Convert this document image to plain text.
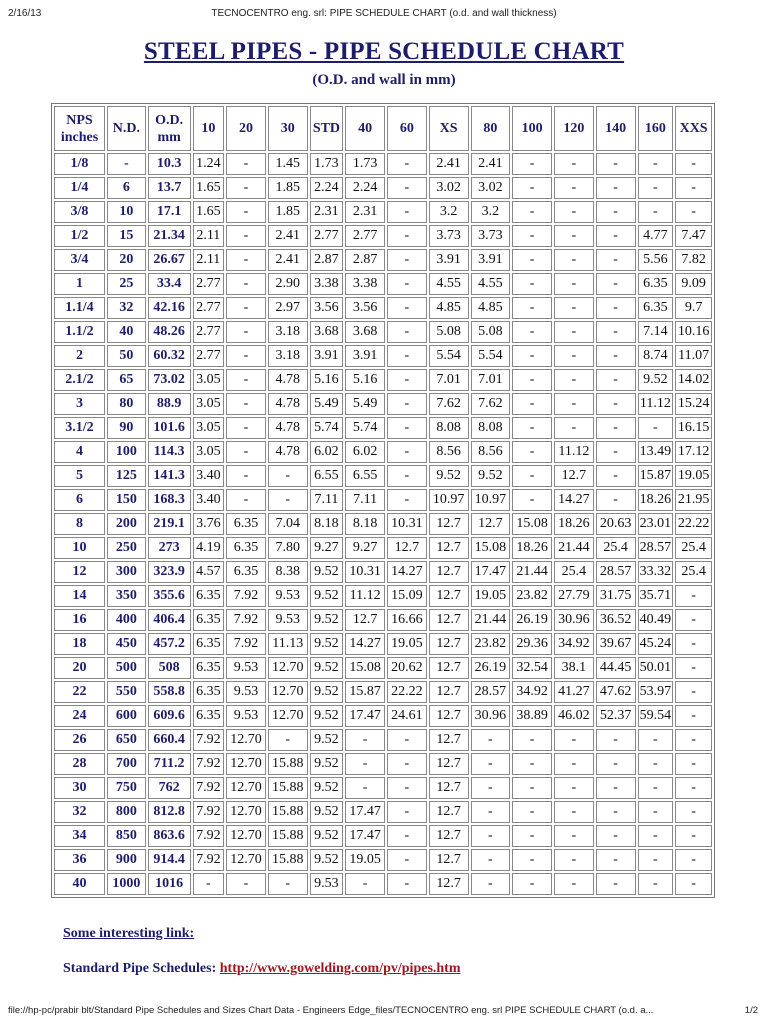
2/16/13	TECNOCENTRO eng. srl: PIPE SCHEDULE CHART (o.d. and wall thickness)
STEEL PIPES - PIPE SCHEDULE CHART
(O.D. and wall in mm)
NPS
inches	N.D.	O.D.
mm	10	20	30	STD	40	60	XS	80	100	120	140	160	XXS
1/8	-	10.3	1.24	-	1.45	1.73	1.73	-	2.41	2.41	-	-	-	-	-
1/4	6	13.7	1.65	-	1.85	2.24	2.24	-	3.02	3.02	-	-	-	-	-
3/8	10	17.1	1.65	-	1.85	2.31	2.31	-	3.2	3.2	-	-	-	-	-
1/2	15	21.34	2.11	-	2.41	2.77	2.77	-	3.73	3.73	-	-	-	4.77	7.47
3/4	20	26.67	2.11	-	2.41	2.87	2.87	-	3.91	3.91	-	-	-	5.56	7.82
1	25	33.4	2.77	-	2.90	3.38	3.38	-	4.55	4.55	-	-	-	6.35	9.09
1.1/4	32	42.16	2.77	-	2.97	3.56	3.56	-	4.85	4.85	-	-	-	6.35	9.7
1.1/2	40	48.26	2.77	-	3.18	3.68	3.68	-	5.08	5.08	-	-	-	7.14	10.16
2	50	60.32	2.77	-	3.18	3.91	3.91	-	5.54	5.54	-	-	-	8.74	11.07
2.1/2	65	73.02	3.05	-	4.78	5.16	5.16	-	7.01	7.01	-	-	-	9.52	14.02
3	80	88.9	3.05	-	4.78	5.49	5.49	-	7.62	7.62	-	-	-	11.12	15.24
3.1/2	90	101.6	3.05	-	4.78	5.74	5.74	-	8.08	8.08	-	-	-	-	16.15
4	100	114.3	3.05	-	4.78	6.02	6.02	-	8.56	8.56	-	11.12	-	13.49	17.12
5	125	141.3	3.40	-	-	6.55	6.55	-	9.52	9.52	-	12.7	-	15.87	19.05
6	150	168.3	3.40	-	-	7.11	7.11	-	10.97	10.97	-	14.27	-	18.26	21.95
8	200	219.1	3.76	6.35	7.04	8.18	8.18	10.31	12.7	12.7	15.08	18.26	20.63	23.01	22.22
10	250	273	4.19	6.35	7.80	9.27	9.27	12.7	12.7	15.08	18.26	21.44	25.4	28.57	25.4
12	300	323.9	4.57	6.35	8.38	9.52	10.31	14.27	12.7	17.47	21.44	25.4	28.57	33.32	25.4
14	350	355.6	6.35	7.92	9.53	9.52	11.12	15.09	12.7	19.05	23.82	27.79	31.75	35.71	-
16	400	406.4	6.35	7.92	9.53	9.52	12.7	16.66	12.7	21.44	26.19	30.96	36.52	40.49	-
18	450	457.2	6.35	7.92	11.13	9.52	14.27	19.05	12.7	23.82	29.36	34.92	39.67	45.24	-
20	500	508	6.35	9.53	12.70	9.52	15.08	20.62	12.7	26.19	32.54	38.1	44.45	50.01	-
22	550	558.8	6.35	9.53	12.70	9.52	15.87	22.22	12.7	28.57	34.92	41.27	47.62	53.97	-
24	600	609.6	6.35	9.53	12.70	9.52	17.47	24.61	12.7	30.96	38.89	46.02	52.37	59.54	-
26	650	660.4	7.92	12.70	-	9.52	-	-	12.7	-	-	-	-	-	-
28	700	711.2	7.92	12.70	15.88	9.52	-	-	12.7	-	-	-	-	-	-
30	750	762	7.92	12.70	15.88	9.52	-	-	12.7	-	-	-	-	-	-
32	800	812.8	7.92	12.70	15.88	9.52	17.47	-	12.7	-	-	-	-	-	-
34	850	863.6	7.92	12.70	15.88	9.52	17.47	-	12.7	-	-	-	-	-	-
36	900	914.4	7.92	12.70	15.88	9.52	19.05	-	12.7	-	-	-	-	-	-
40	1000	1016	-	-	-	9.53	-	-	12.7	-	-	-	-	-	-
Some interesting link:
Standard Pipe Schedules: http://www.gowelding.com/pv/pipes.htm
file://hp-pc/prabir blt/Standard Pipe Schedules and Sizes Chart Data - Engineers Edge_files/TECNOCENTRO eng. srl PIPE SCHEDULE CHART (o.d. a...	1/2
